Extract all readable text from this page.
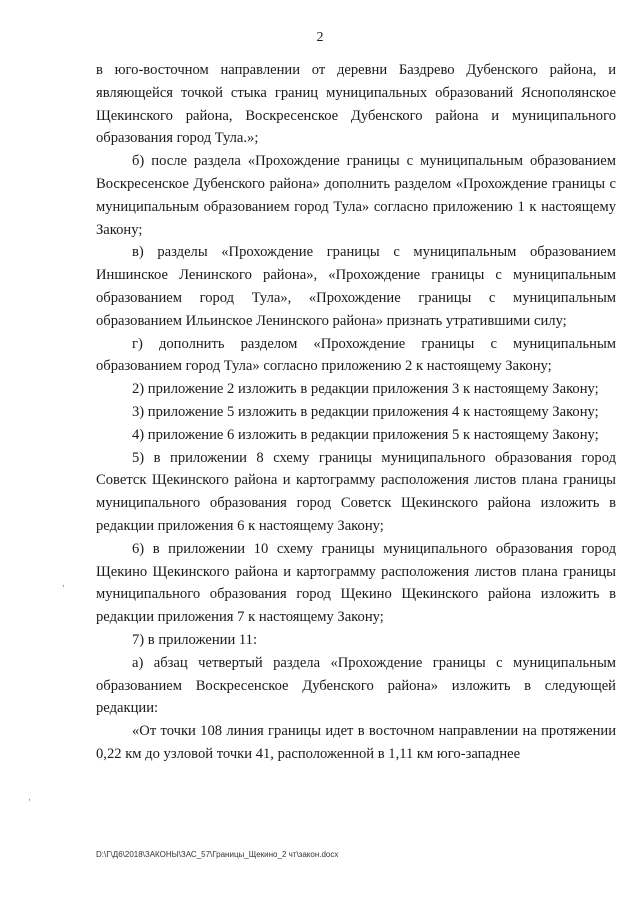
2

в юго-восточном направлении от деревни Баздрево Дубенского района, и являющейся точкой стыка границ муниципальных образований Яснополянское Щекинского района, Воскресенское Дубенского района и муниципального образования город Тула.»;

б) после раздела «Прохождение границы с муниципальным образованием Воскресенское Дубенского района» дополнить разделом «Прохождение границы с муниципальным образованием город Тула» согласно приложению 1 к настоящему Закону;

в) разделы «Прохождение границы с муниципальным образованием Иншинское Ленинского района», «Прохождение границы с муниципальным образованием город Тула», «Прохождение границы с муниципальным образованием Ильинское Ленинского района» признать утратившими силу;

г) дополнить разделом «Прохождение границы с муниципальным образованием город Тула» согласно приложению 2 к настоящему Закону;

2) приложение 2 изложить в редакции приложения 3 к настоящему Закону;

3) приложение 5 изложить в редакции приложения 4 к настоящему Закону;

4) приложение 6 изложить в редакции приложения 5 к настоящему Закону;

5) в приложении 8 схему границы муниципального образования город Советск Щекинского района и картограмму расположения листов плана границы муниципального образования город Советск Щекинского района изложить в редакции приложения 6 к настоящему Закону;

6) в приложении 10 схему границы муниципального образования город Щекино Щекинского района и картограмму расположения листов плана границы муниципального образования город Щекино Щекинского района изложить в редакции приложения 7 к настоящему Закону;

7) в приложении 11:

а) абзац четвертый раздела «Прохождение границы с муниципальным образованием Воскресенское Дубенского района» изложить в следующей редакции:

«От точки 108 линия границы идет в восточном направлении на протяжении 0,22 км до узловой точки 41, расположенной в 1,11 км юго-западнее

D:\Г\Д6\2018\ЗАКОНЫ\ЗАС_57\Границы_Щекино_2 чт\закон.docx
,
,
